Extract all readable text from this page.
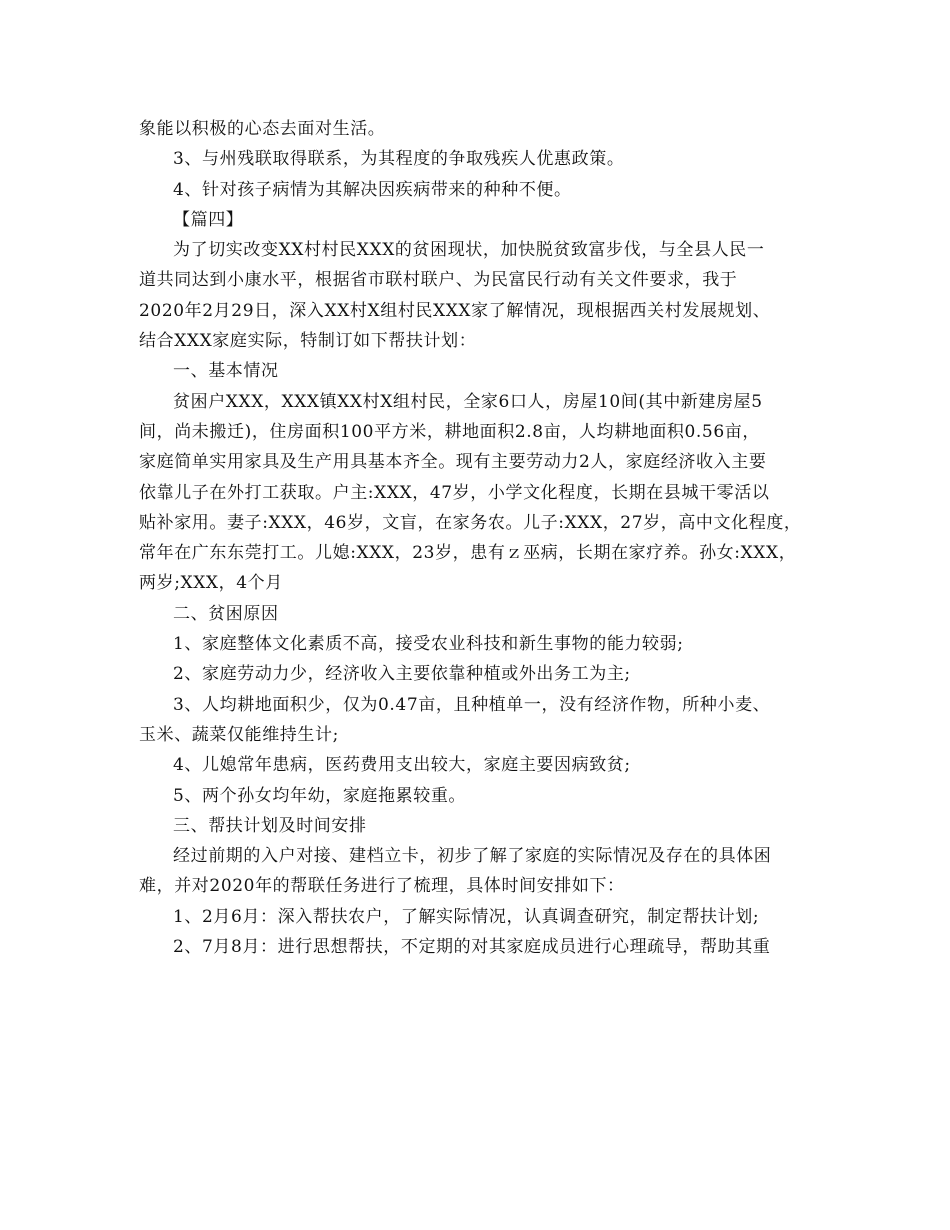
象能以积极的心态去面对生活。
3、与州残联取得联系，为其程度的争取残疾人优惠政策。
4、针对孩子病情为其解决因疾病带来的种种不便。
【篇四】
为了切实改变XX村村民XXX的贫困现状，加快脱贫致富步伐，与全县人民一
道共同达到小康水平，根据省市联村联户、为民富民行动有关文件要求，我于
2020年2月29日，深入XX村X组村民XXX家了解情况，现根据西关村发展规划、
结合XXX家庭实际，特制订如下帮扶计划：
一、基本情况
贫困户XXX，XXX镇XX村X组村民，全家6口人，房屋10间(其中新建房屋5
间，尚未搬迁)，住房面积100平方米，耕地面积2.8亩，人均耕地面积0.56亩，
家庭简单实用家具及生产用具基本齐全。现有主要劳动力2人，家庭经济收入主要
依靠儿子在外打工获取。户主:XXX，47岁，小学文化程度，长期在县城干零活以
贴补家用。妻子:XXX，46岁，文盲，在家务农。儿子:XXX，27岁，高中文化程度，
常年在广东东莞打工。儿媳:XXX，23岁，患有ｚ巫病，长期在家疗养。孙女:XXX，
两岁;XXX，4个月
二、贫困原因
1、家庭整体文化素质不高，接受农业科技和新生事物的能力较弱;
2、家庭劳动力少，经济收入主要依靠种植或外出务工为主;
3、人均耕地面积少，仅为0.47亩，且种植单一，没有经济作物，所种小麦、
玉米、蔬菜仅能维持生计;
4、儿媳常年患病，医药费用支出较大，家庭主要因病致贫;
5、两个孙女均年幼，家庭拖累较重。
三、帮扶计划及时间安排
经过前期的入户对接、建档立卡，初步了解了家庭的实际情况及存在的具体困
难，并对2020年的帮联任务进行了梳理，具体时间安排如下：
1、2月6月：深入帮扶农户，了解实际情况，认真调查研究，制定帮扶计划;
2、7月8月：进行思想帮扶，不定期的对其家庭成员进行心理疏导，帮助其重
